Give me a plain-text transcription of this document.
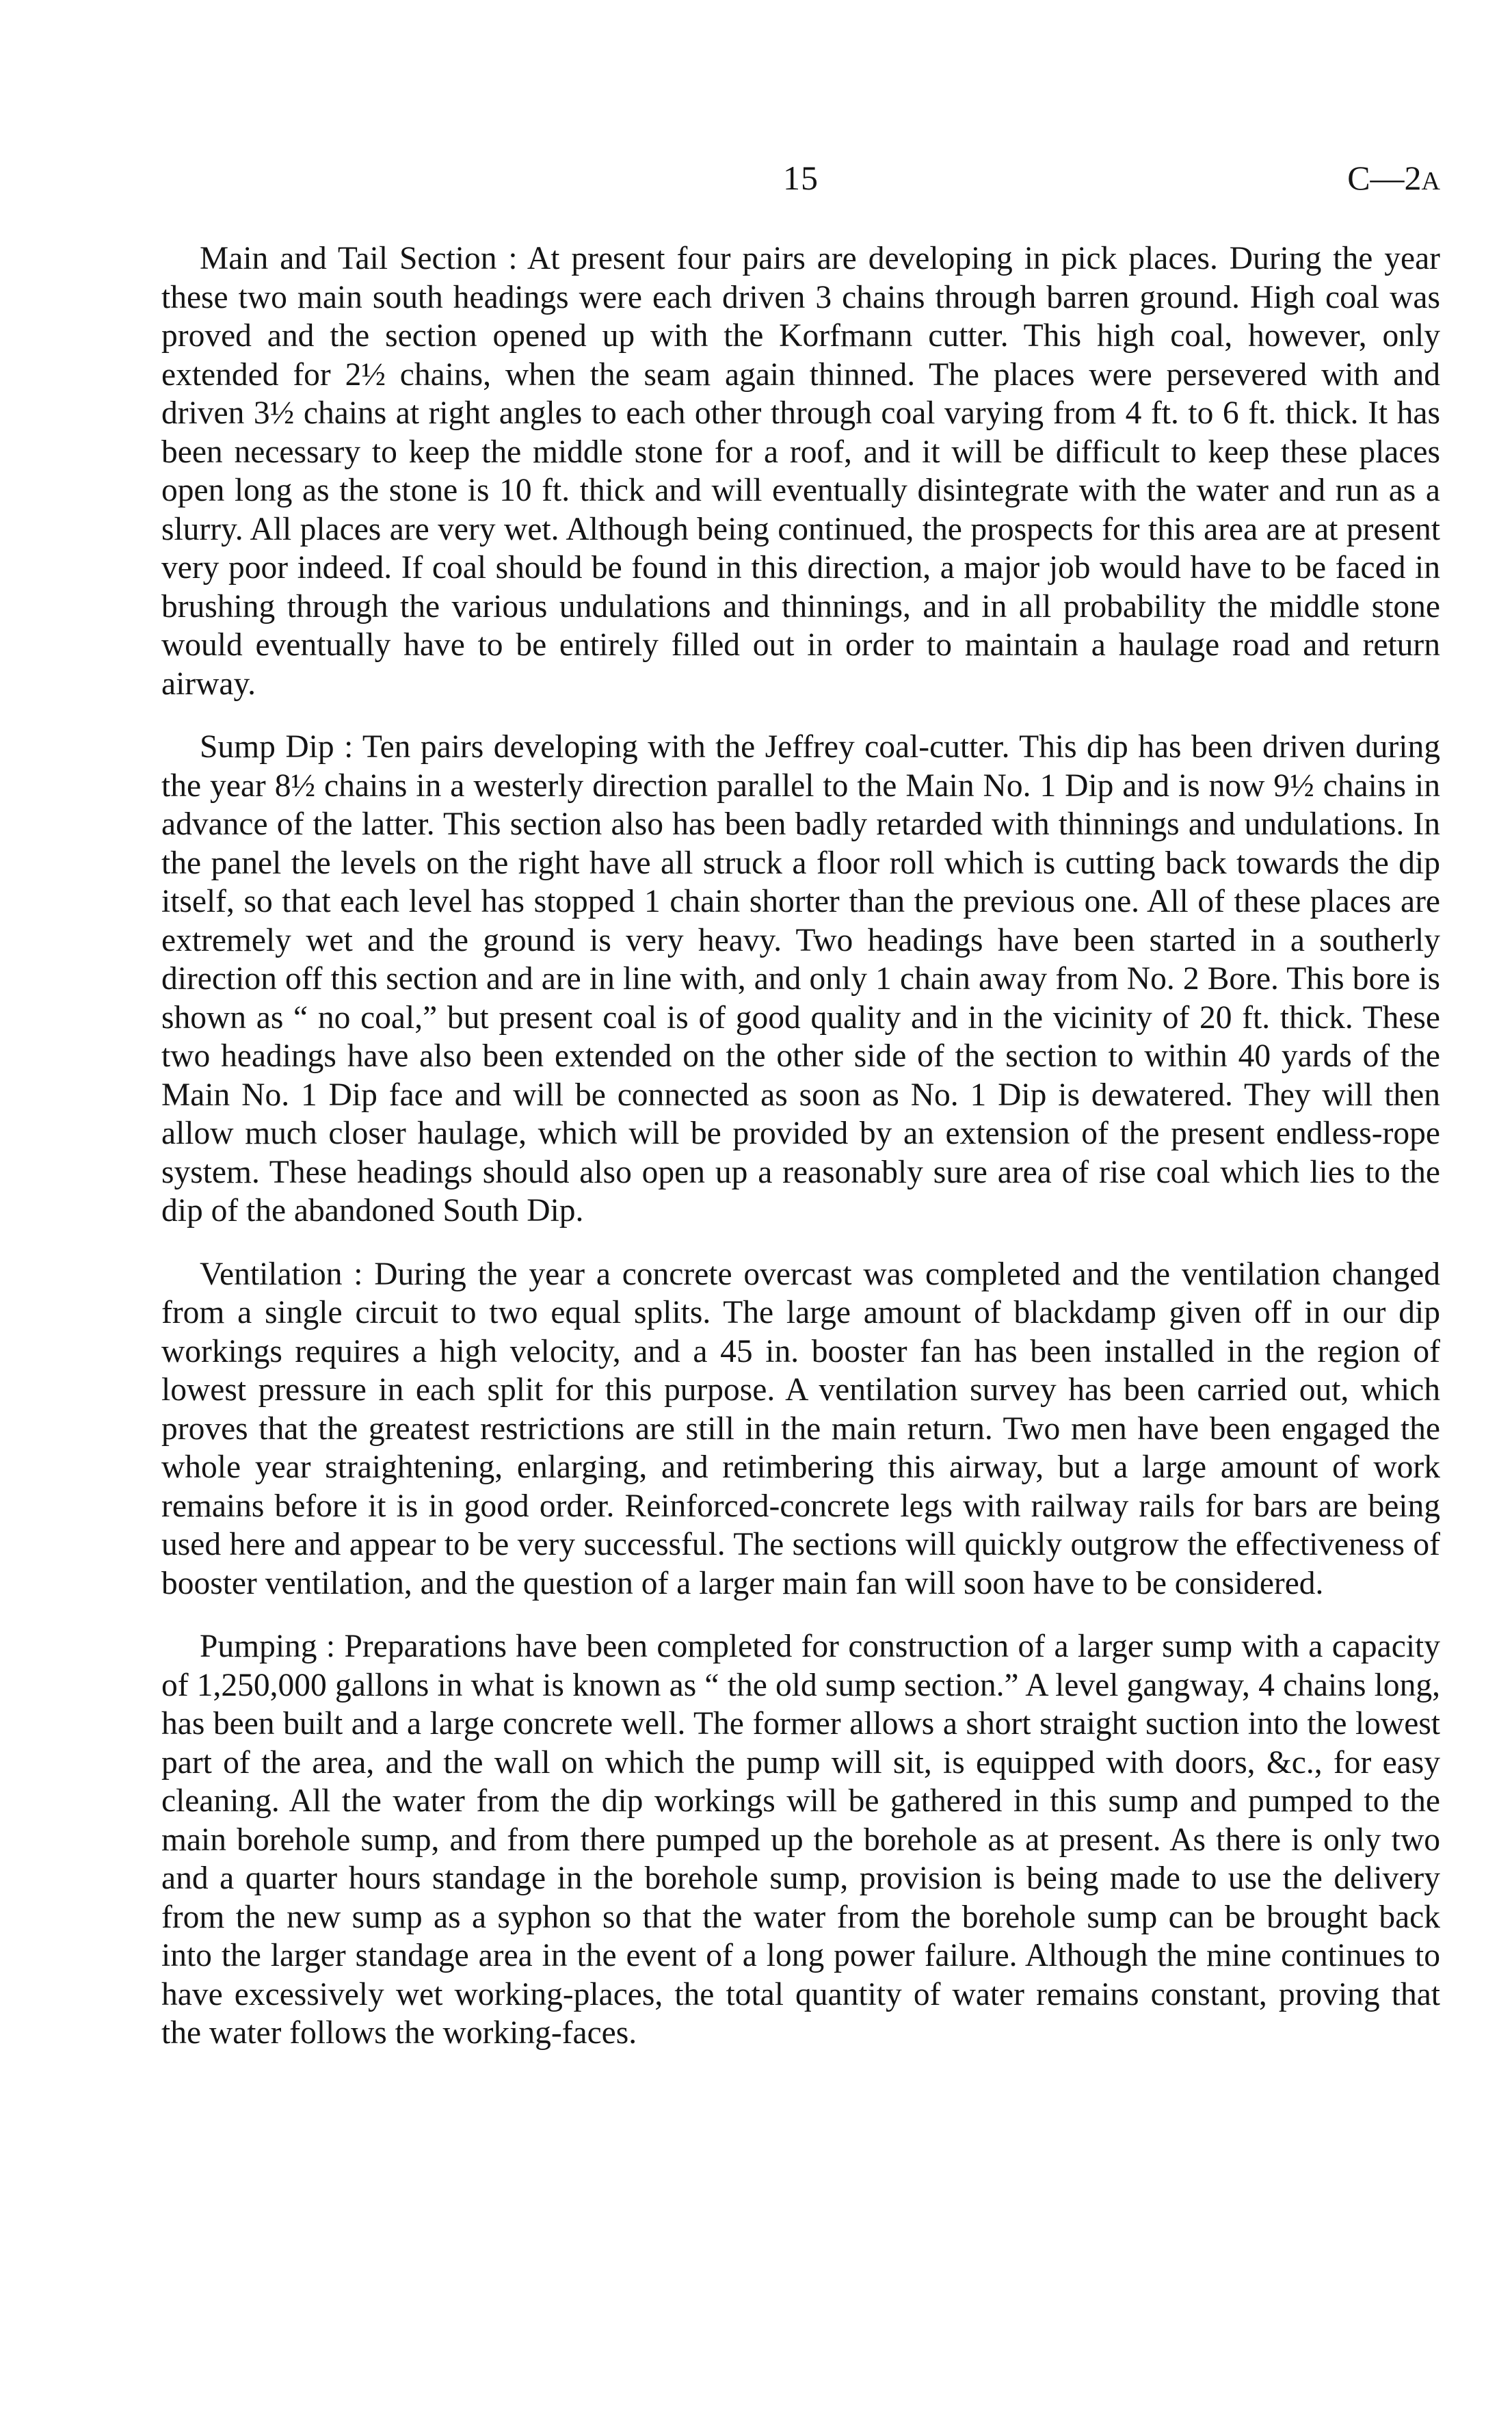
15	C—2A

Main and Tail Section : At present four pairs are developing in pick places. During the year these two main south headings were each driven 3 chains through barren ground. High coal was proved and the section opened up with the Korfmann cutter. This high coal, however, only extended for 2½ chains, when the seam again thinned. The places were persevered with and driven 3½ chains at right angles to each other through coal varying from 4 ft. to 6 ft. thick. It has been necessary to keep the middle stone for a roof, and it will be difficult to keep these places open long as the stone is 10 ft. thick and will eventually disintegrate with the water and run as a slurry. All places are very wet. Although being continued, the prospects for this area are at present very poor indeed. If coal should be found in this direction, a major job would have to be faced in brushing through the various undulations and thinnings, and in all probability the middle stone would eventually have to be entirely filled out in order to maintain a haulage road and return airway.

Sump Dip : Ten pairs developing with the Jeffrey coal-cutter. This dip has been driven during the year 8½ chains in a westerly direction parallel to the Main No. 1 Dip and is now 9½ chains in advance of the latter. This section also has been badly retarded with thinnings and undulations. In the panel the levels on the right have all struck a floor roll which is cutting back towards the dip itself, so that each level has stopped 1 chain shorter than the previous one. All of these places are extremely wet and the ground is very heavy. Two headings have been started in a southerly direction off this section and are in line with, and only 1 chain away from No. 2 Bore. This bore is shown as “ no coal,” but present coal is of good quality and in the vicinity of 20 ft. thick. These two headings have also been extended on the other side of the section to within 40 yards of the Main No. 1 Dip face and will be connected as soon as No. 1 Dip is dewatered. They will then allow much closer haulage, which will be provided by an extension of the present endless-rope system. These headings should also open up a reasonably sure area of rise coal which lies to the dip of the abandoned South Dip.

Ventilation : During the year a concrete overcast was completed and the ventilation changed from a single circuit to two equal splits. The large amount of blackdamp given off in our dip workings requires a high velocity, and a 45 in. booster fan has been installed in the region of lowest pressure in each split for this purpose. A ventilation survey has been carried out, which proves that the greatest restrictions are still in the main return. Two men have been engaged the whole year straightening, enlarging, and retimbering this airway, but a large amount of work remains before it is in good order. Reinforced-concrete legs with railway rails for bars are being used here and appear to be very successful. The sections will quickly outgrow the effectiveness of booster ventilation, and the question of a larger main fan will soon have to be considered.

Pumping : Preparations have been completed for construction of a larger sump with a capacity of 1,250,000 gallons in what is known as “ the old sump section.” A level gangway, 4 chains long, has been built and a large concrete well. The former allows a short straight suction into the lowest part of the area, and the wall on which the pump will sit, is equipped with doors, &c., for easy cleaning. All the water from the dip workings will be gathered in this sump and pumped to the main borehole sump, and from there pumped up the borehole as at present. As there is only two and a quarter hours standage in the borehole sump, provision is being made to use the delivery from the new sump as a syphon so that the water from the borehole sump can be brought back into the larger standage area in the event of a long power failure. Although the mine continues to have excessively wet working-places, the total quantity of water remains constant, proving that the water follows the working-faces.
